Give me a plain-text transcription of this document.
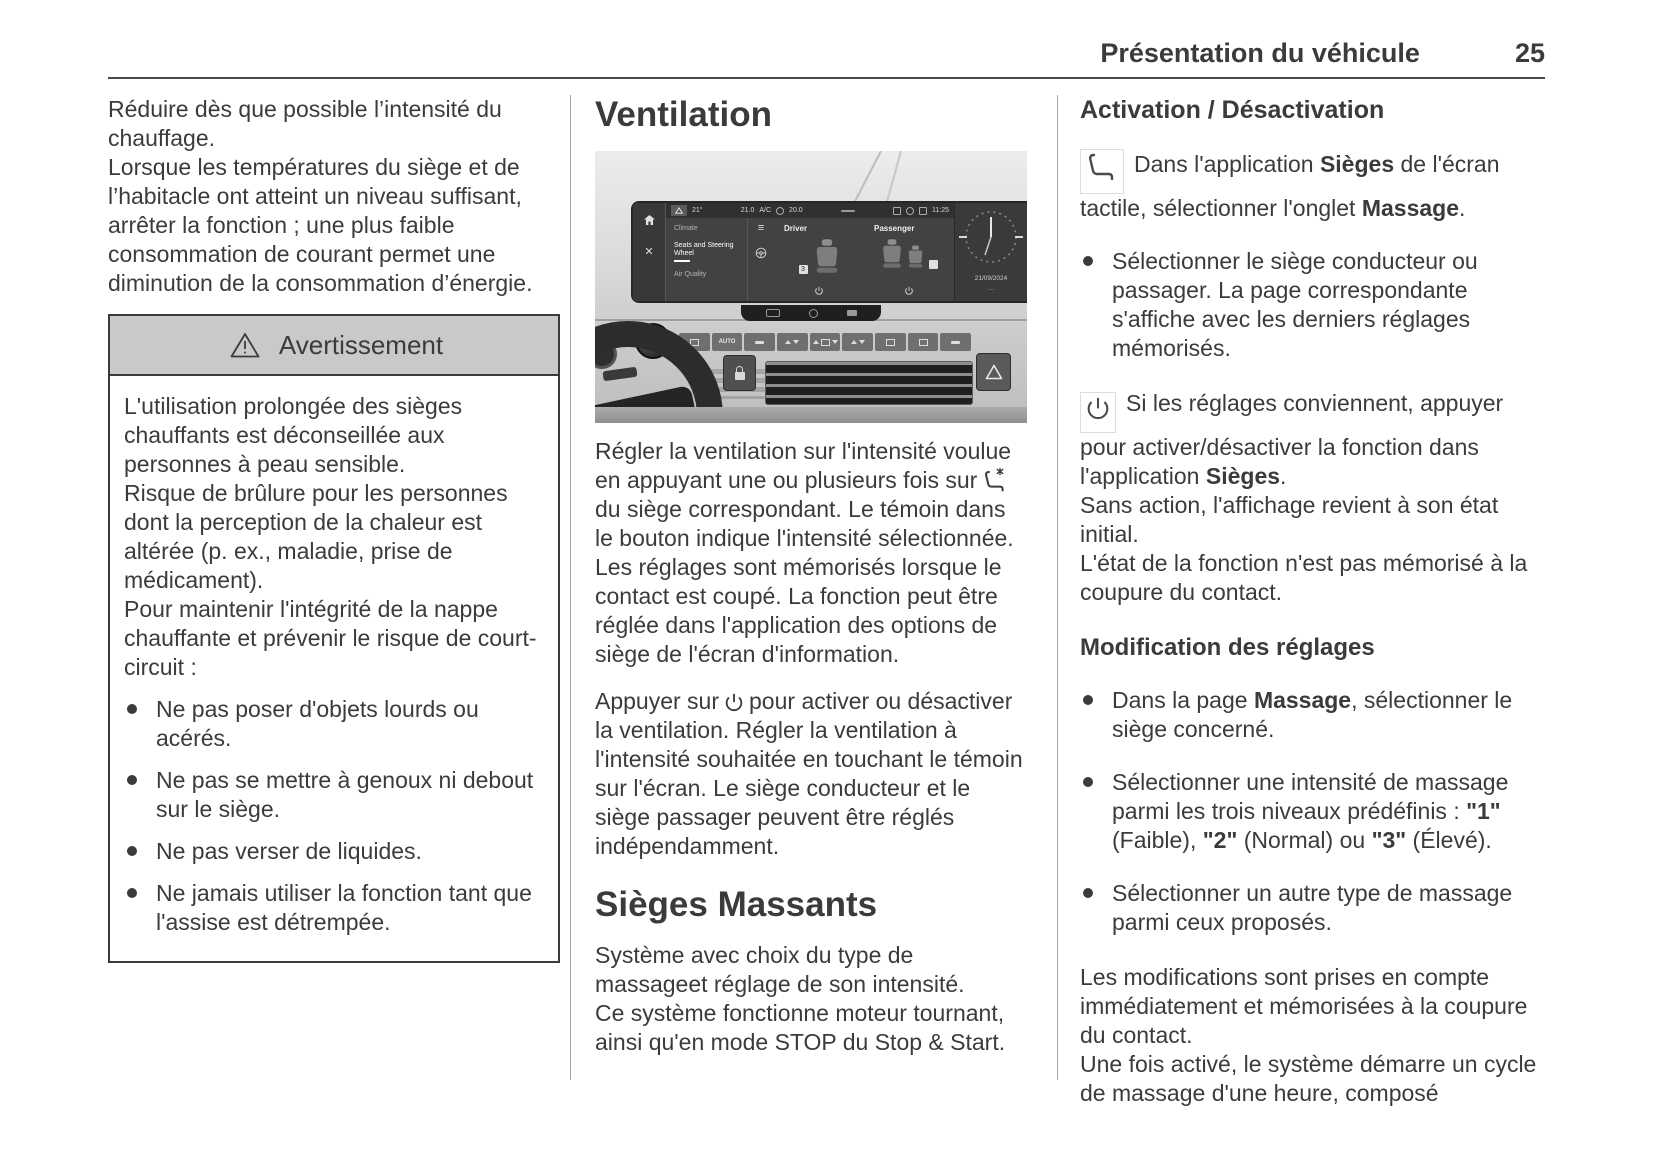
Présentation du véhicule	25

Réduire dès que possible l’intensité du chauffage.

Lorsque les températures du siège et de l’habitacle ont atteint un niveau suffisant, arrêter la fonction ; une plus faible consommation de courant permet une diminution de la consommation d’énergie.

Avertissement

L'utilisation prolongée des sièges chauffants est déconseillée aux personnes à peau sensible.

Risque de brûlure pour les personnes dont la perception de la chaleur est altérée (p. ex., maladie, prise de médicament).

Pour maintenir l'intégrité de la nappe chauffante et prévenir le risque de court-circuit :

Ne pas poser d'objets lourds ou acérés.
Ne pas se mettre à genoux ni debout sur le siège.
Ne pas verser de liquides.
Ne jamais utiliser la fonction tant que l'assise est détrempée.
Ventilation
✕
Climate
Seats and Steering Wheel
Air Quality
≡
21°	21.0 A/C	20.0	11:25
Driver
3
Passenger
21/09/2024
⋯
AUTO

Régler la ventilation sur l'intensité voulue en appuyant une ou plusieurs fois surdu siège correspondant. Le témoin dans le bouton indique l'intensité sélectionnée. Les réglages sont mémorisés lorsque le contact est coupé. La fonction peut être réglée dans l'application des options de siège de l'écran d'information.

Appuyer sur pour activer ou désactiver la ventilation. Régler la ventilation à l'intensité souhaitée en touchant le témoin sur l'écran. Le siège conducteur et le siège passager peuvent être réglés indépendamment.

Sièges Massants

Système avec choix du type de massageet réglage de son intensité.

Ce système fonctionne moteur tournant, ainsi qu'en mode STOP du Stop & Start.

Activation / Désactivation

Dans l'application Sièges de l'écran tactile, sélectionner l'onglet Massage.

Sélectionner le siège conducteur ou passager. La page correspondante s'affiche avec les derniers réglages mémorisés.

Si les réglages conviennent, appuyer pour activer/désactiver la fonction dans l'application Sièges.

Sans action, l'affichage revient à son état initial.

L'état de la fonction n'est pas mémorisé à la coupure du contact.

Modification des réglages
Dans la page Massage, sélectionner le siège concerné.
Sélectionner une intensité de massage parmi les trois niveaux prédéfinis : "1" (Faible), "2" (Normal) ou "3" (Élevé).
Sélectionner un autre type de massage parmi ceux proposés.

Les modifications sont prises en compte immédiatement et mémorisées à la coupure du contact.

Une fois activé, le système démarre un cycle de massage d'une heure, composé
